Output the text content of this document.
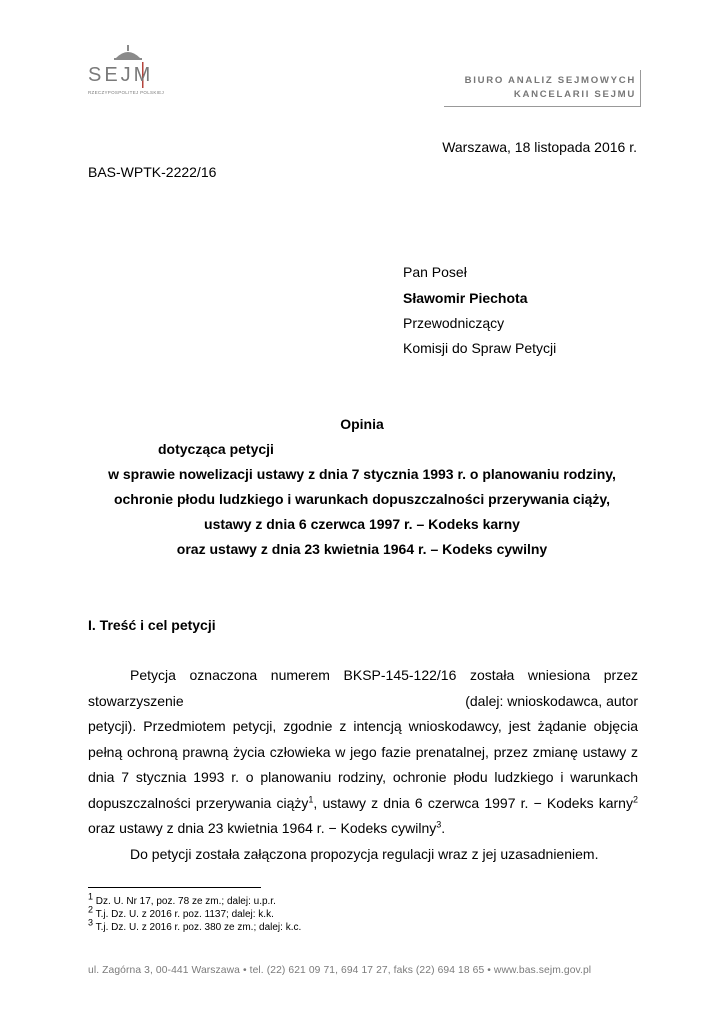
SEJM
RZECZYPOSPOLITEJ POLSKIEJ
BIURO ANALIZ SEJMOWYCH
KANCELARII SEJMU
Warszawa, 18 listopada 2016 r.
BAS-WPTK-2222/16
Pan Poseł
Sławomir Piechota
Przewodniczący
Komisji do Spraw Petycji
Opinia
dotycząca petycji
w sprawie nowelizacji ustawy z dnia 7 stycznia 1993 r. o planowaniu rodziny,
ochronie płodu ludzkiego i warunkach dopuszczalności przerywania ciąży,
ustawy z dnia 6 czerwca 1997 r. – Kodeks karny
oraz ustawy z dnia 23 kwietnia 1964 r. – Kodeks cywilny
I. Treść i cel petycji

Petycja oznaczona numerem BKSP-145-122/16 została wniesiona przez

stowarzyszenie	(dalej: wnioskodawca, autor

petycji). Przedmiotem petycji, zgodnie z intencją wnioskodawcy, jest żądanie objęcia pełną ochroną prawną życia człowieka w jego fazie prenatalnej, przez zmianę ustawy z dnia 7 stycznia 1993 r. o planowaniu rodziny, ochronie płodu ludzkiego i warunkach dopuszczalności przerywania ciąży$^1$, ustawy z dnia 6 czerwca 1997 r. − Kodeks karny$^2$ oraz ustawy z dnia 23 kwietnia 1964 r. − Kodeks cywilny$^3$.

Do petycji została załączona propozycja regulacji wraz z jej uzasadnieniem.

1 Dz. U. Nr 17, poz. 78 ze zm.; dalej: u.p.r.
2 T.j. Dz. U. z 2016 r. poz. 1137; dalej: k.k.
3 T.j. Dz. U. z 2016 r. poz. 380 ze zm.; dalej: k.c.
ul. Zagórna 3, 00-441 Warszawa • tel. (22) 621 09 71, 694 17 27, faks (22) 694 18 65 • www.bas.sejm.gov.pl
